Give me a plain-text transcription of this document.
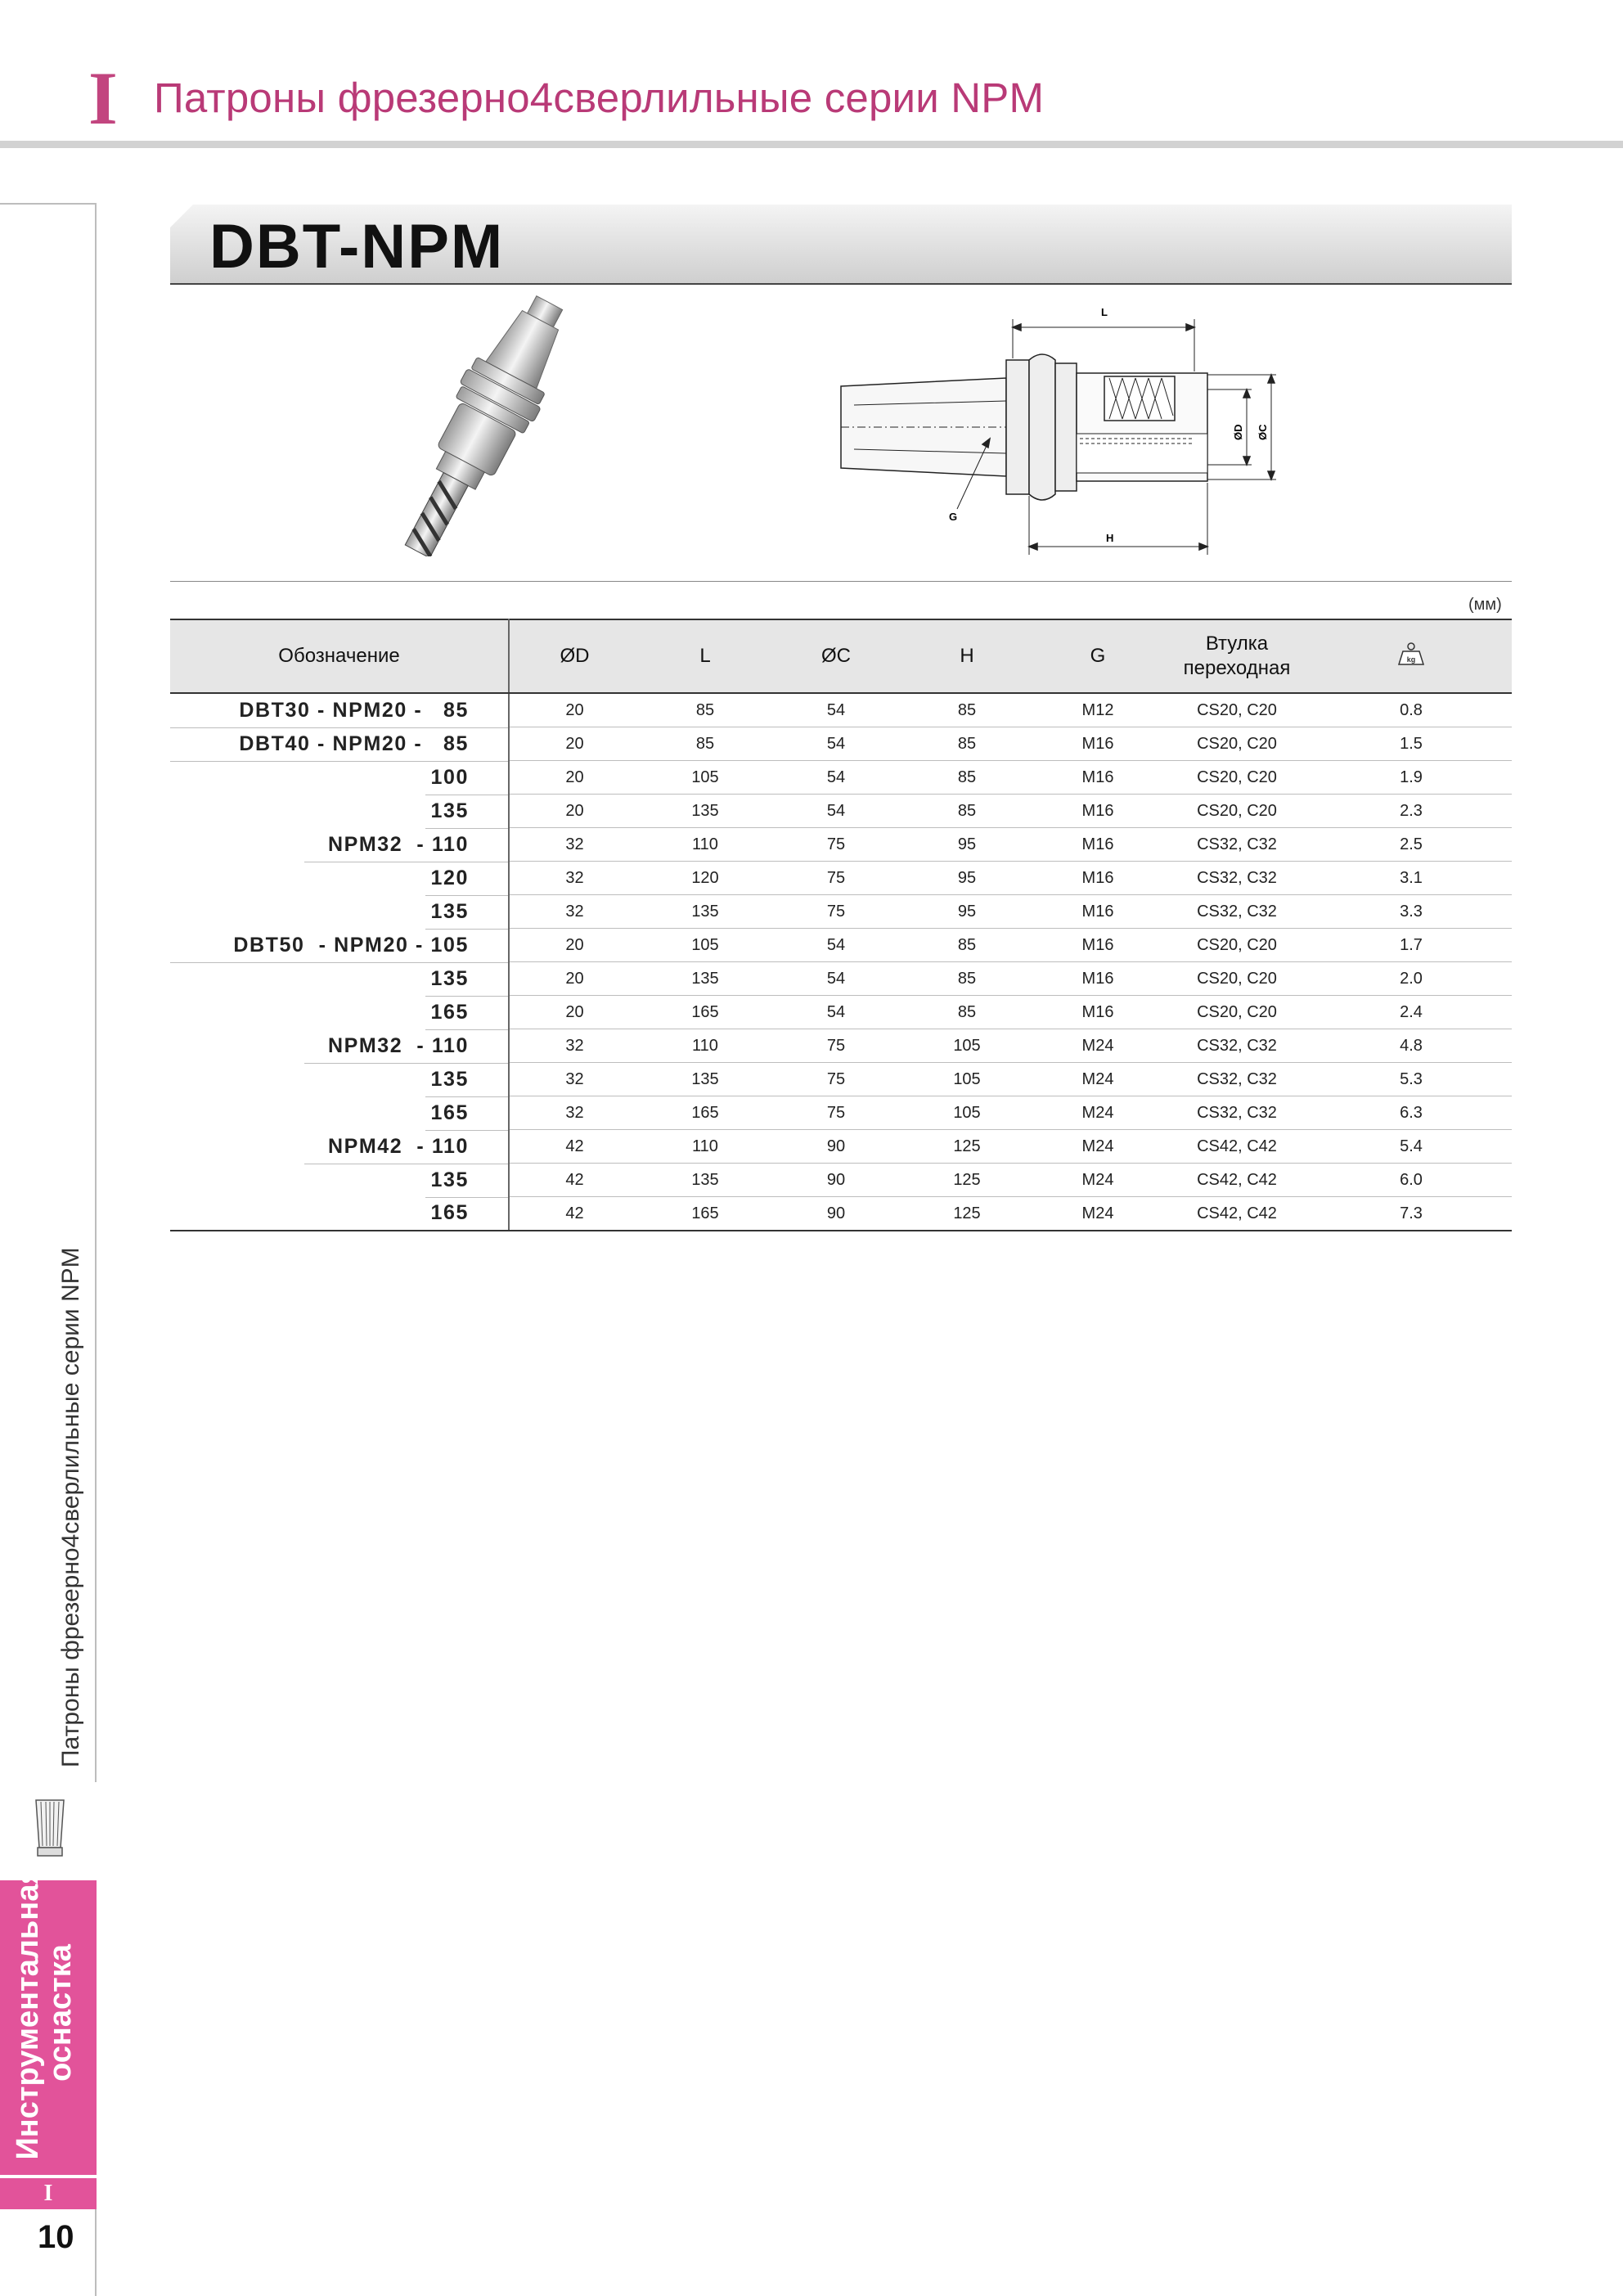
I Патроны фрезерно4сверлильные серии NPM
Патроны фрезерно4сверлильные серии NPM
Инструментальная
оснастка
I
10
DBT-NPM
L
H
G
ØD ØC
(мм)
Обозначение	ØD	L	ØC	H	G	Втулка
переходная	kg

DBT30 - NPM20 -   85	20	85	54	85	M12	CS20, C20	0.8

DBT40 - NPM20 -   85	20	85	54	85	M16	CS20, C20	1.5

100	20	105	54	85	M16	CS20, C20	1.9

135	20	135	54	85	M16	CS20, C20	2.3

NPM32  - 110	32	110	75	95	M16	CS32, C32	2.5

120	32	120	75	95	M16	CS32, C32	3.1

135	32	135	75	95	M16	CS32, C32	3.3

DBT50  - NPM20 - 105	20	105	54	85	M16	CS20, C20	1.7

135	20	135	54	85	M16	CS20, C20	2.0

165	20	165	54	85	M16	CS20, C20	2.4

NPM32  - 110	32	110	75	105	M24	CS32, C32	4.8

135	32	135	75	105	M24	CS32, C32	5.3

165	32	165	75	105	M24	CS32, C32	6.3

NPM42  - 110	42	110	90	125	M24	CS42, C42	5.4

135	42	135	90	125	M24	CS42, C42	6.0

165	42	165	90	125	M24	CS42, C42	7.3
